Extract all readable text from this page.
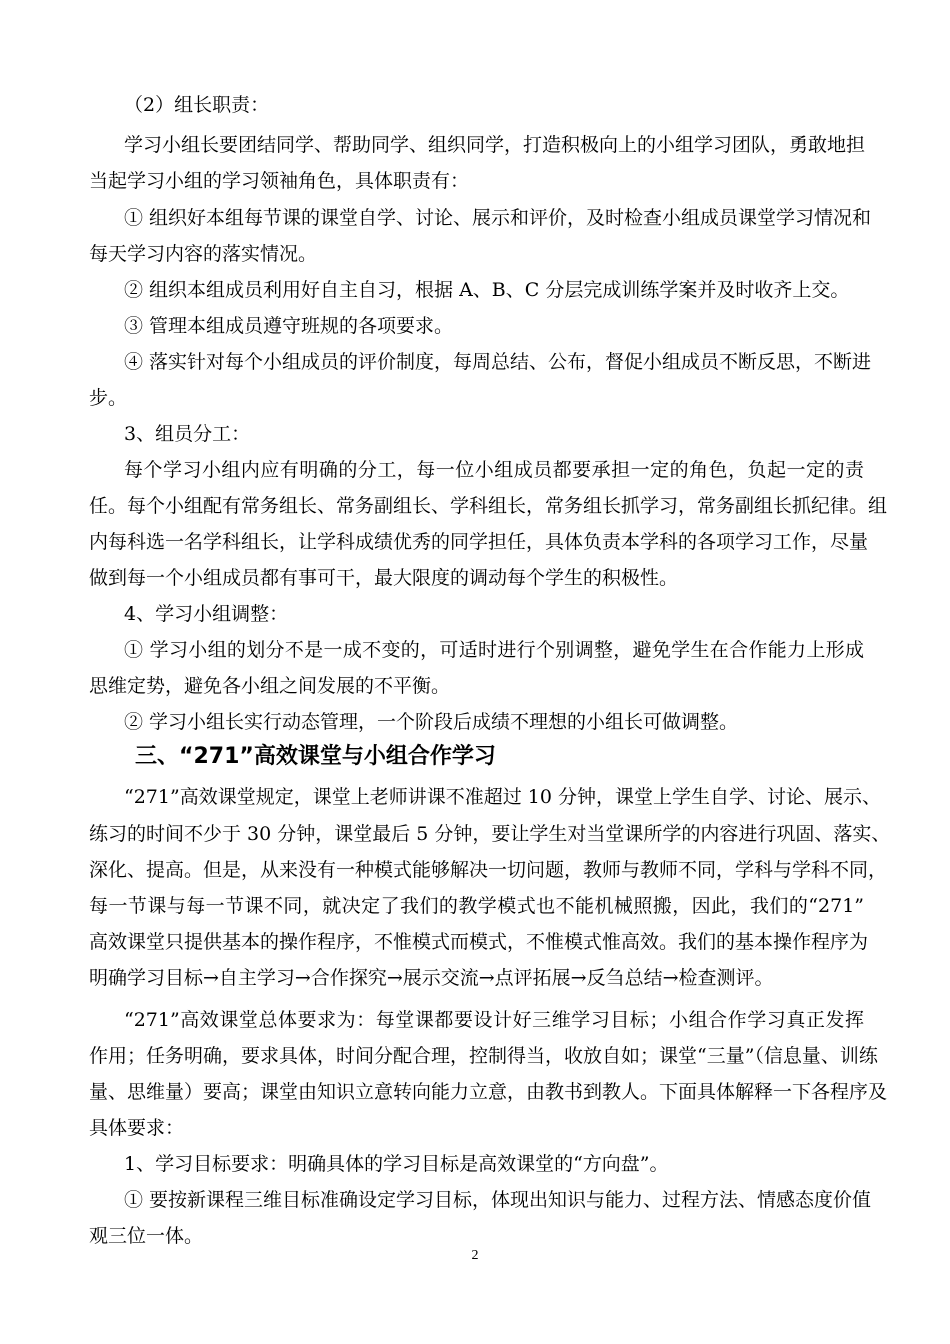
（2）组长职责：
学习小组长要团结同学、帮助同学、组织同学，打造积极向上的小组学习团队，勇敢地担
当起学习小组的学习领袖角色，具体职责有：
① 组织好本组每节课的课堂自学、讨论、展示和评价，及时检查小组成员课堂学习情况和
每天学习内容的落实情况。
② 组织本组成员利用好自主自习，根据 A、B、C 分层完成训练学案并及时收齐上交。
③ 管理本组成员遵守班规的各项要求。
④ 落实针对每个小组成员的评价制度，每周总结、公布，督促小组成员不断反思，不断进
步。
3、组员分工：
每个学习小组内应有明确的分工，每一位小组成员都要承担一定的角色，负起一定的责
任。每个小组配有常务组长、常务副组长、学科组长，常务组长抓学习，常务副组长抓纪律。组
内每科选一名学科组长，让学科成绩优秀的同学担任，具体负责本学科的各项学习工作，尽量
做到每一个小组成员都有事可干，最大限度的调动每个学生的积极性。
4、学习小组调整：
① 学习小组的划分不是一成不变的，可适时进行个别调整，避免学生在合作能力上形成
思维定势，避免各小组之间发展的不平衡。
② 学习小组长实行动态管理，一个阶段后成绩不理想的小组长可做调整。
三、“271”高效课堂与小组合作学习
“271”高效课堂规定，课堂上老师讲课不准超过 10 分钟，课堂上学生自学、讨论、展示、
练习的时间不少于 30 分钟，课堂最后 5 分钟，要让学生对当堂课所学的内容进行巩固、落实、
深化、提高。但是，从来没有一种模式能够解决一切问题，教师与教师不同，学科与学科不同，
每一节课与每一节课不同，就决定了我们的教学模式也不能机械照搬，因此，我们的“271”
高效课堂只提供基本的操作程序，不惟模式而模式，不惟模式惟高效。我们的基本操作程序为
明确学习目标→自主学习→合作探究→展示交流→点评拓展→反刍总结→检查测评。
“271”高效课堂总体要求为：每堂课都要设计好三维学习目标；小组合作学习真正发挥
作用；任务明确，要求具体，时间分配合理，控制得当，收放自如；课堂“三量”（信息量、训练
量、思维量）要高；课堂由知识立意转向能力立意，由教书到教人。下面具体解释一下各程序及
具体要求：
1、学习目标要求：明确具体的学习目标是高效课堂的“方向盘”。
① 要按新课程三维目标准确设定学习目标，体现出知识与能力、过程方法、情感态度价值
观三位一体。
2
